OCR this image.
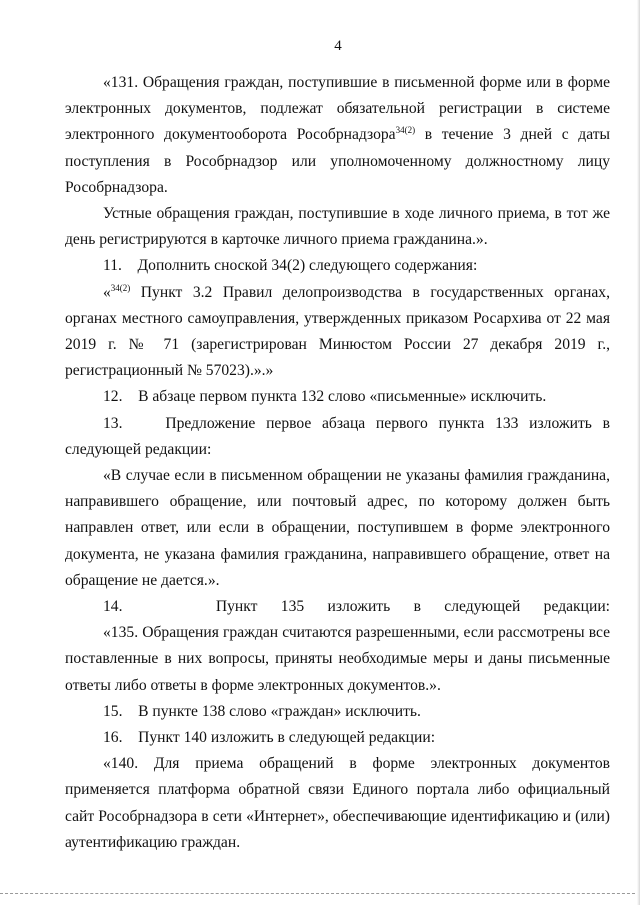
4

«131. Обращения граждан, поступившие в письменной форме или в форме электронных документов, подлежат обязательной регистрации в системе электронного документооборота Рособрнадзора$^{34(2)}$ в течение 3 дней с даты поступления в Рособрнадзор или уполномоченному должностному лицу Рособрнадзора.

Устные обращения граждан, поступившие в ходе личного приема, в тот же день регистрируются в карточке личного приема гражданина.».

11.    Дополнить сноской 34(2) следующего содержания:

«$^{34(2)}$ Пункт 3.2 Правил делопроизводства в государственных органах, органах местного самоуправления, утвержденных приказом Росархива от 22 мая 2019 г. № 71 (зарегистрирован Минюстом России 27 декабря 2019 г., регистрационный № 57023).».»

12.    В абзаце первом пункта 132 слово «письменные» исключить.

13.    Предложение первое абзаца первого пункта 133 изложить в следующей редакции:

«В случае если в письменном обращении не указаны фамилия гражданина, направившего обращение, или почтовый адрес, по которому должен быть направлен ответ, или если в обращении, поступившем в форме электронного документа, не указана фамилия гражданина, направившего обращение, ответ на обращение не дается.».

14.    Пункт 135 изложить в следующей редакции:

«135. Обращения граждан считаются разрешенными, если рассмотрены все поставленные в них вопросы, приняты необходимые меры и даны письменные ответы либо ответы в форме электронных документов.».

15.    В пункте 138 слово «граждан» исключить.

16.    Пункт 140 изложить в следующей редакции:

«140. Для приема обращений в форме электронных документов применяется платформа обратной связи Единого портала либо официальный сайт Рособрнадзора в сети «Интернет», обеспечивающие идентификацию и (или) аутентификацию граждан.
